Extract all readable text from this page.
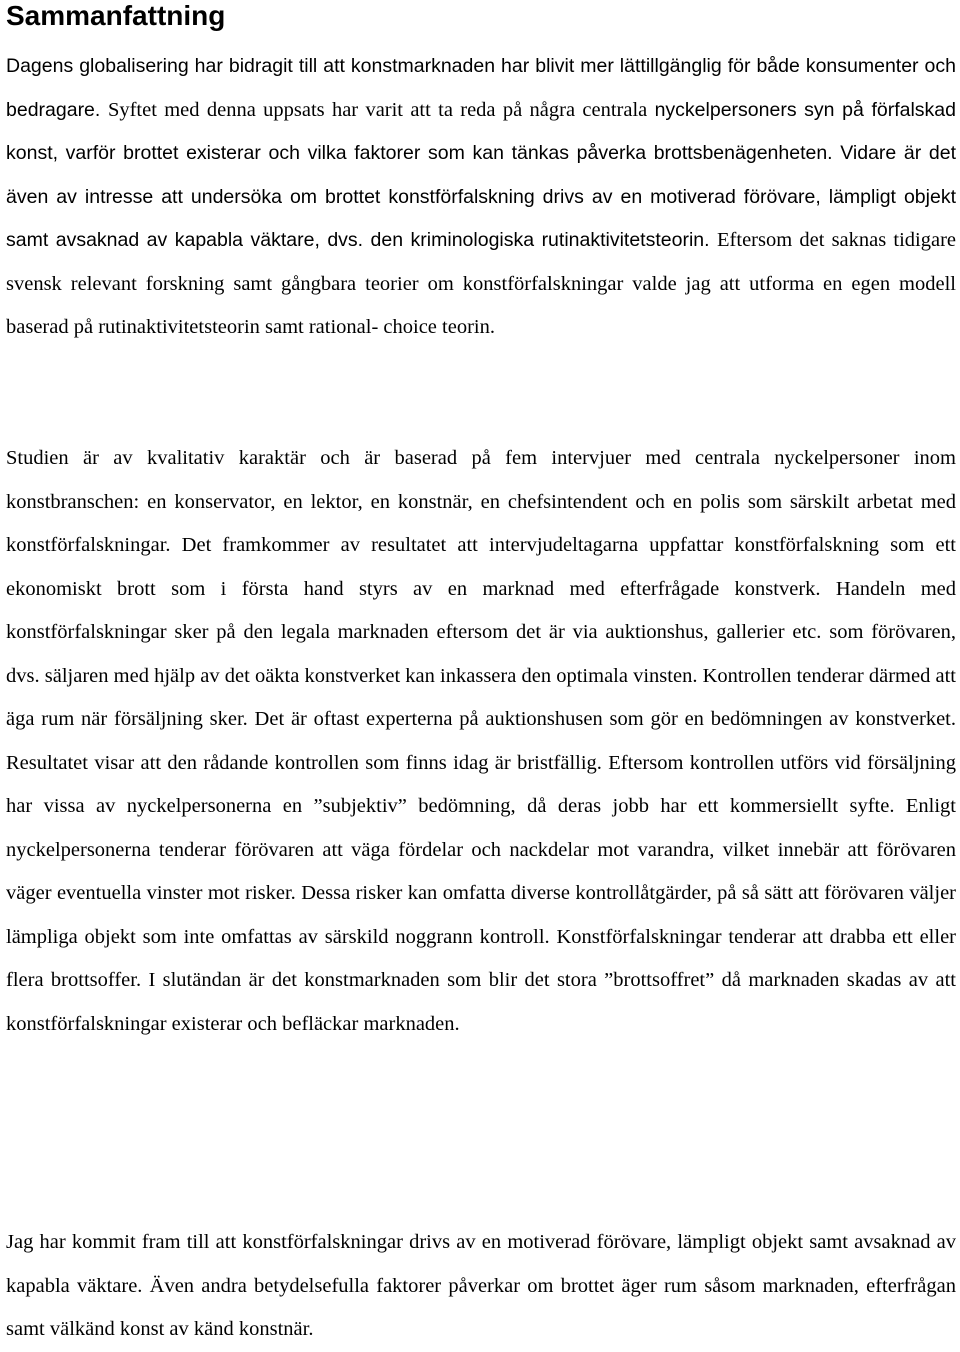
Sammanfattning

Dagens globalisering har bidragit till att konstmarknaden har blivit mer lättillgänglig för både konsumenter och bedragare. Syftet med denna uppsats har varit att ta reda på några centrala nyckelpersoners syn på förfalskad konst, varför brottet existerar och vilka faktorer som kan tänkas påverka brottsbenägenheten. Vidare är det även av intresse att undersöka om brottet konstförfalskning drivs av en motiverad förövare, lämpligt objekt samt avsaknad av kapabla väktare, dvs. den kriminologiska rutinaktivitetsteorin. Eftersom det saknas tidigare svensk relevant forskning samt gångbara teorier om konstförfalskningar valde jag att utforma en egen modell baserad på rutinaktivitetsteorin samt rational- choice teorin.

Studien är av kvalitativ karaktär och är baserad på fem intervjuer med centrala nyckelpersoner inom konstbranschen: en konservator, en lektor, en konstnär, en chefsintendent och en polis som särskilt arbetat med konstförfalskningar. Det framkommer av resultatet att intervjudeltagarna uppfattar konstförfalskning som ett ekonomiskt brott som i första hand styrs av en marknad med efterfrågade konstverk. Handeln med konstförfalskningar sker på den legala marknaden eftersom det är via auktionshus, gallerier etc. som förövaren, dvs. säljaren med hjälp av det oäkta konstverket kan inkassera den optimala vinsten. Kontrollen tenderar därmed att äga rum när försäljning sker. Det är oftast experterna på auktionshusen som gör en bedömningen av konstverket. Resultatet visar att den rådande kontrollen som finns idag är bristfällig. Eftersom kontrollen utförs vid försäljning har vissa av nyckelpersonerna en ”subjektiv” bedömning, då deras jobb har ett kommersiellt syfte. Enligt nyckelpersonerna tenderar förövaren att väga fördelar och nackdelar mot varandra, vilket innebär att förövaren väger eventuella vinster mot risker. Dessa risker kan omfatta diverse kontrollåtgärder, på så sätt att förövaren väljer lämpliga objekt som inte omfattas av särskild noggrann kontroll. Konstförfalskningar tenderar att drabba ett eller flera brottsoffer. I slutändan är det konstmarknaden som blir det stora ”brottsoffret” då marknaden skadas av att konstförfalskningar existerar och befläckar marknaden.

Jag har kommit fram till att konstförfalskningar drivs av en motiverad förövare, lämpligt objekt samt avsaknad av kapabla väktare. Även andra betydelsefulla faktorer påverkar om brottet äger rum såsom marknaden, efterfrågan samt välkänd konst av känd konstnär.
